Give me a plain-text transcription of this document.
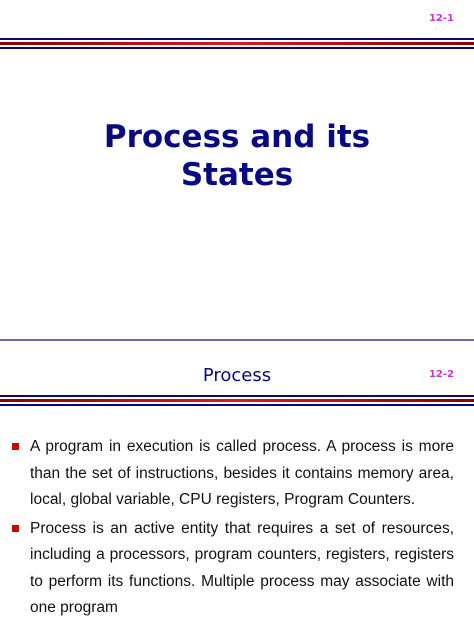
12-1
Process and its
States
12-2
Process
A program in execution is called process. A process is more than the set of instructions, besides it contains memory area, local, global variable, CPU registers, Program Counters.
Process is an active entity that requires a set of resources, including a processors, program counters, registers, registers to perform its functions. Multiple process may associate with one program
